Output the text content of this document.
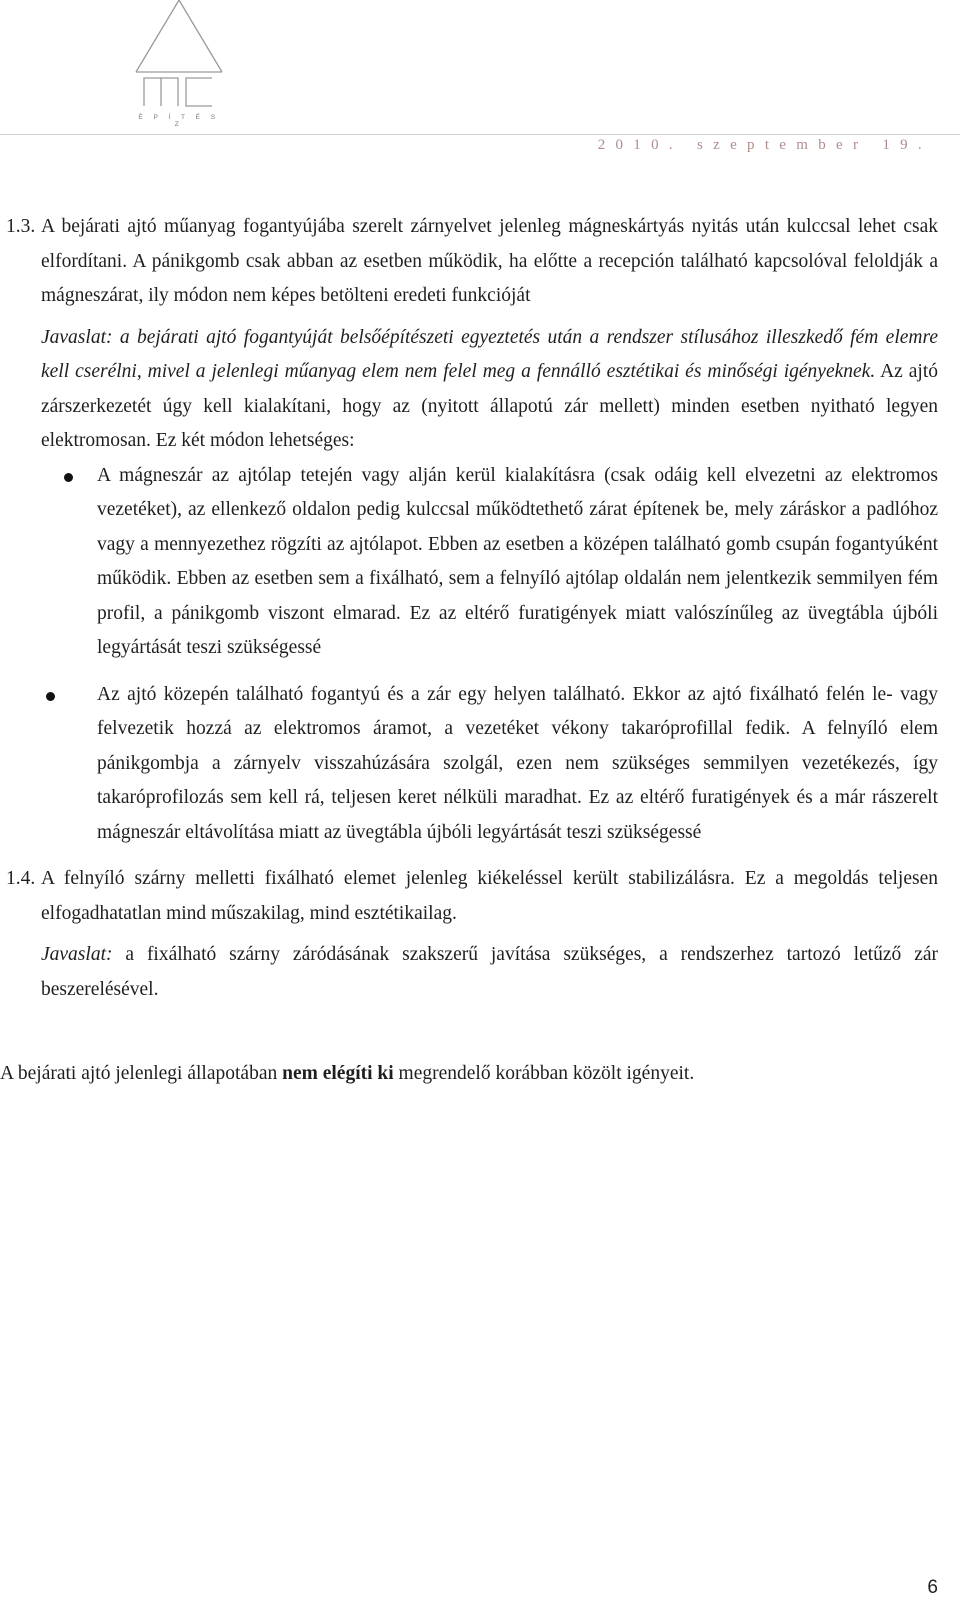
É P Í T É S Z
2010. szeptember 19.
1.3. A bejárati ajtó műanyag fogantyújába szerelt zárnyelvet jelenleg mágneskártyás nyitás után kulccsal lehet csak elfordítani. A pánikgomb csak abban az esetben működik, ha előtte a recepción található kapcsolóval feloldják a mágneszárat, ily módon nem képes betölteni eredeti funkcióját

Javaslat: a bejárati ajtó fogantyúját belsőépítészeti egyeztetés után a rendszer stílusához illeszkedő fém elemre kell cserélni, mivel a jelenlegi műanyag elem nem felel meg a fennálló esztétikai és minőségi igényeknek. Az ajtó zárszerkezetét úgy kell kialakítani, hogy az (nyitott állapotú zár mellett) minden esetben nyitható legyen elektromosan. Ez két módon lehetséges:

A mágneszár az ajtólap tetején vagy alján kerül kialakításra (csak odáig kell elvezetni az elektromos vezetéket), az ellenkező oldalon pedig kulccsal működtethető zárat építenek be, mely záráskor a padlóhoz vagy a mennyezethez rögzíti az ajtólapot. Ebben az esetben a középen található gomb csupán fogantyúként működik. Ebben az esetben sem a fixálható, sem a felnyíló ajtólap oldalán nem jelentkezik semmilyen fém profil, a pánikgomb viszont elmarad. Ez az eltérő furatigények miatt valószínűleg az üvegtábla újbóli legyártását teszi szükségessé
Az ajtó közepén található fogantyú és a zár egy helyen található. Ekkor az ajtó fixálható felén le- vagy felvezetik hozzá az elektromos áramot, a vezetéket vékony takaróprofillal fedik. A felnyíló elem pánikgombja a zárnyelv visszahúzására szolgál, ezen nem szükséges semmilyen vezetékezés, így takaróprofilozás sem kell rá, teljesen keret nélküli maradhat. Ez az eltérő furatigények és a már rászerelt mágneszár eltávolítása miatt az üvegtábla újbóli legyártását teszi szükségessé
1.4. A felnyíló szárny melletti fixálható elemet jelenleg kiékeléssel került stabilizálásra. Ez a megoldás teljesen elfogadhatatlan mind műszakilag, mind esztétikailag.

Javaslat: a fixálható szárny záródásának szakszerű javítása szükséges, a rendszerhez tartozó letűző zár beszerelésével.

A bejárati ajtó jelenlegi állapotában nem elégíti ki megrendelő korábban közölt igényeit.

6
